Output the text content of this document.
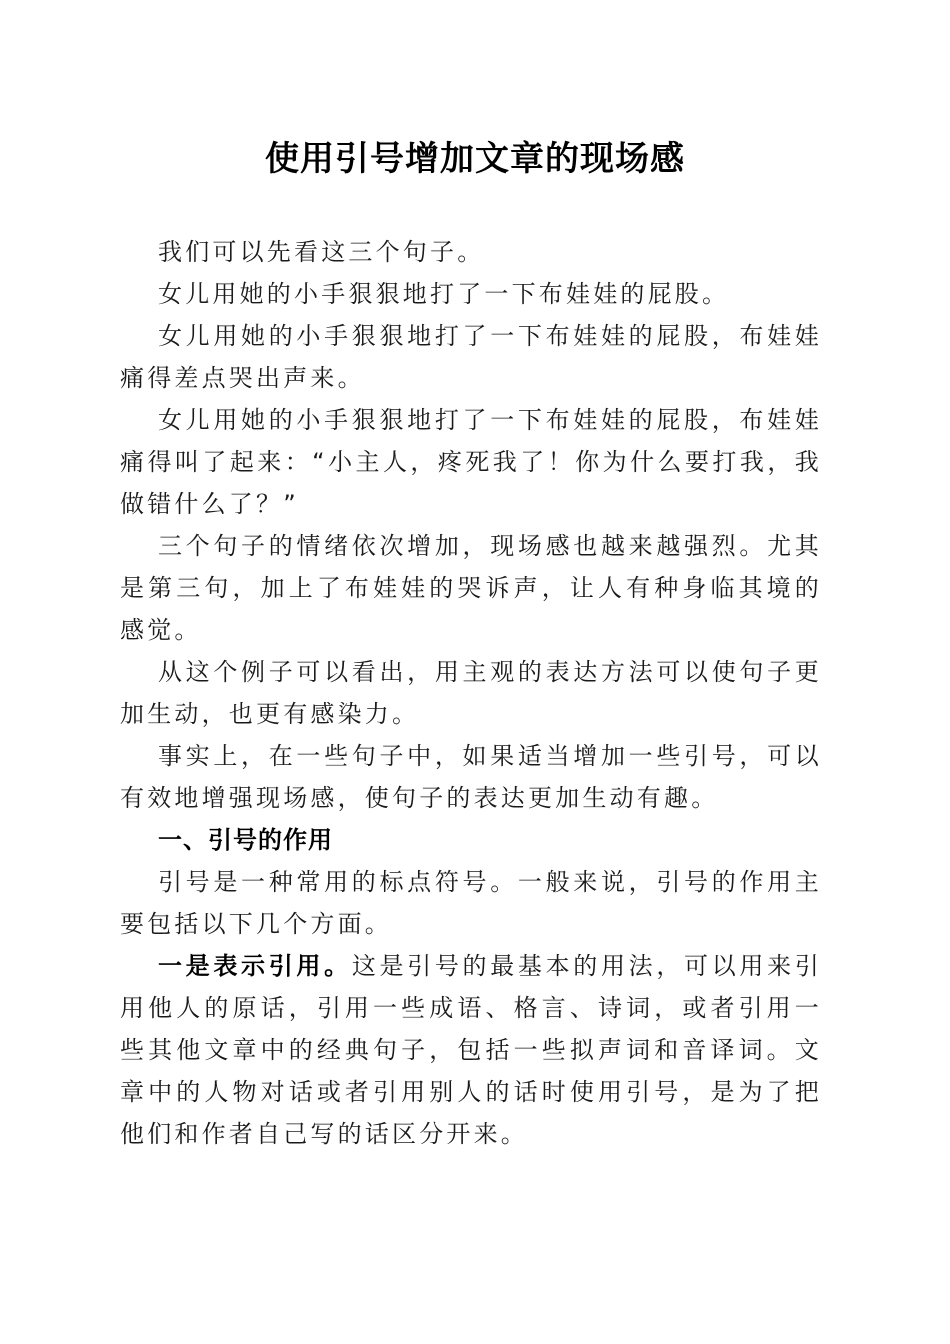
使用引号增加文章的现场感

我们可以先看这三个句子。

女儿用她的小手狠狠地打了一下布娃娃的屁股。

女儿用她的小手狠狠地打了一下布娃娃的屁股，布娃娃痛得差点哭出声来。

女儿用她的小手狠狠地打了一下布娃娃的屁股，布娃娃痛得叫了起来：“小主人，疼死我了！你为什么要打我，我做错什么了？”

三个句子的情绪依次增加，现场感也越来越强烈。尤其是第三句，加上了布娃娃的哭诉声，让人有种身临其境的感觉。

从这个例子可以看出，用主观的表达方法可以使句子更加生动，也更有感染力。

事实上，在一些句子中，如果适当增加一些引号，可以有效地增强现场感，使句子的表达更加生动有趣。

一、引号的作用

引号是一种常用的标点符号。一般来说，引号的作用主要包括以下几个方面。

一是表示引用。这是引号的最基本的用法，可以用来引用他人的原话，引用一些成语、格言、诗词，或者引用一些其他文章中的经典句子，包括一些拟声词和音译词。文章中的人物对话或者引用别人的话时使用引号，是为了把他们和作者自己写的话区分开来。
